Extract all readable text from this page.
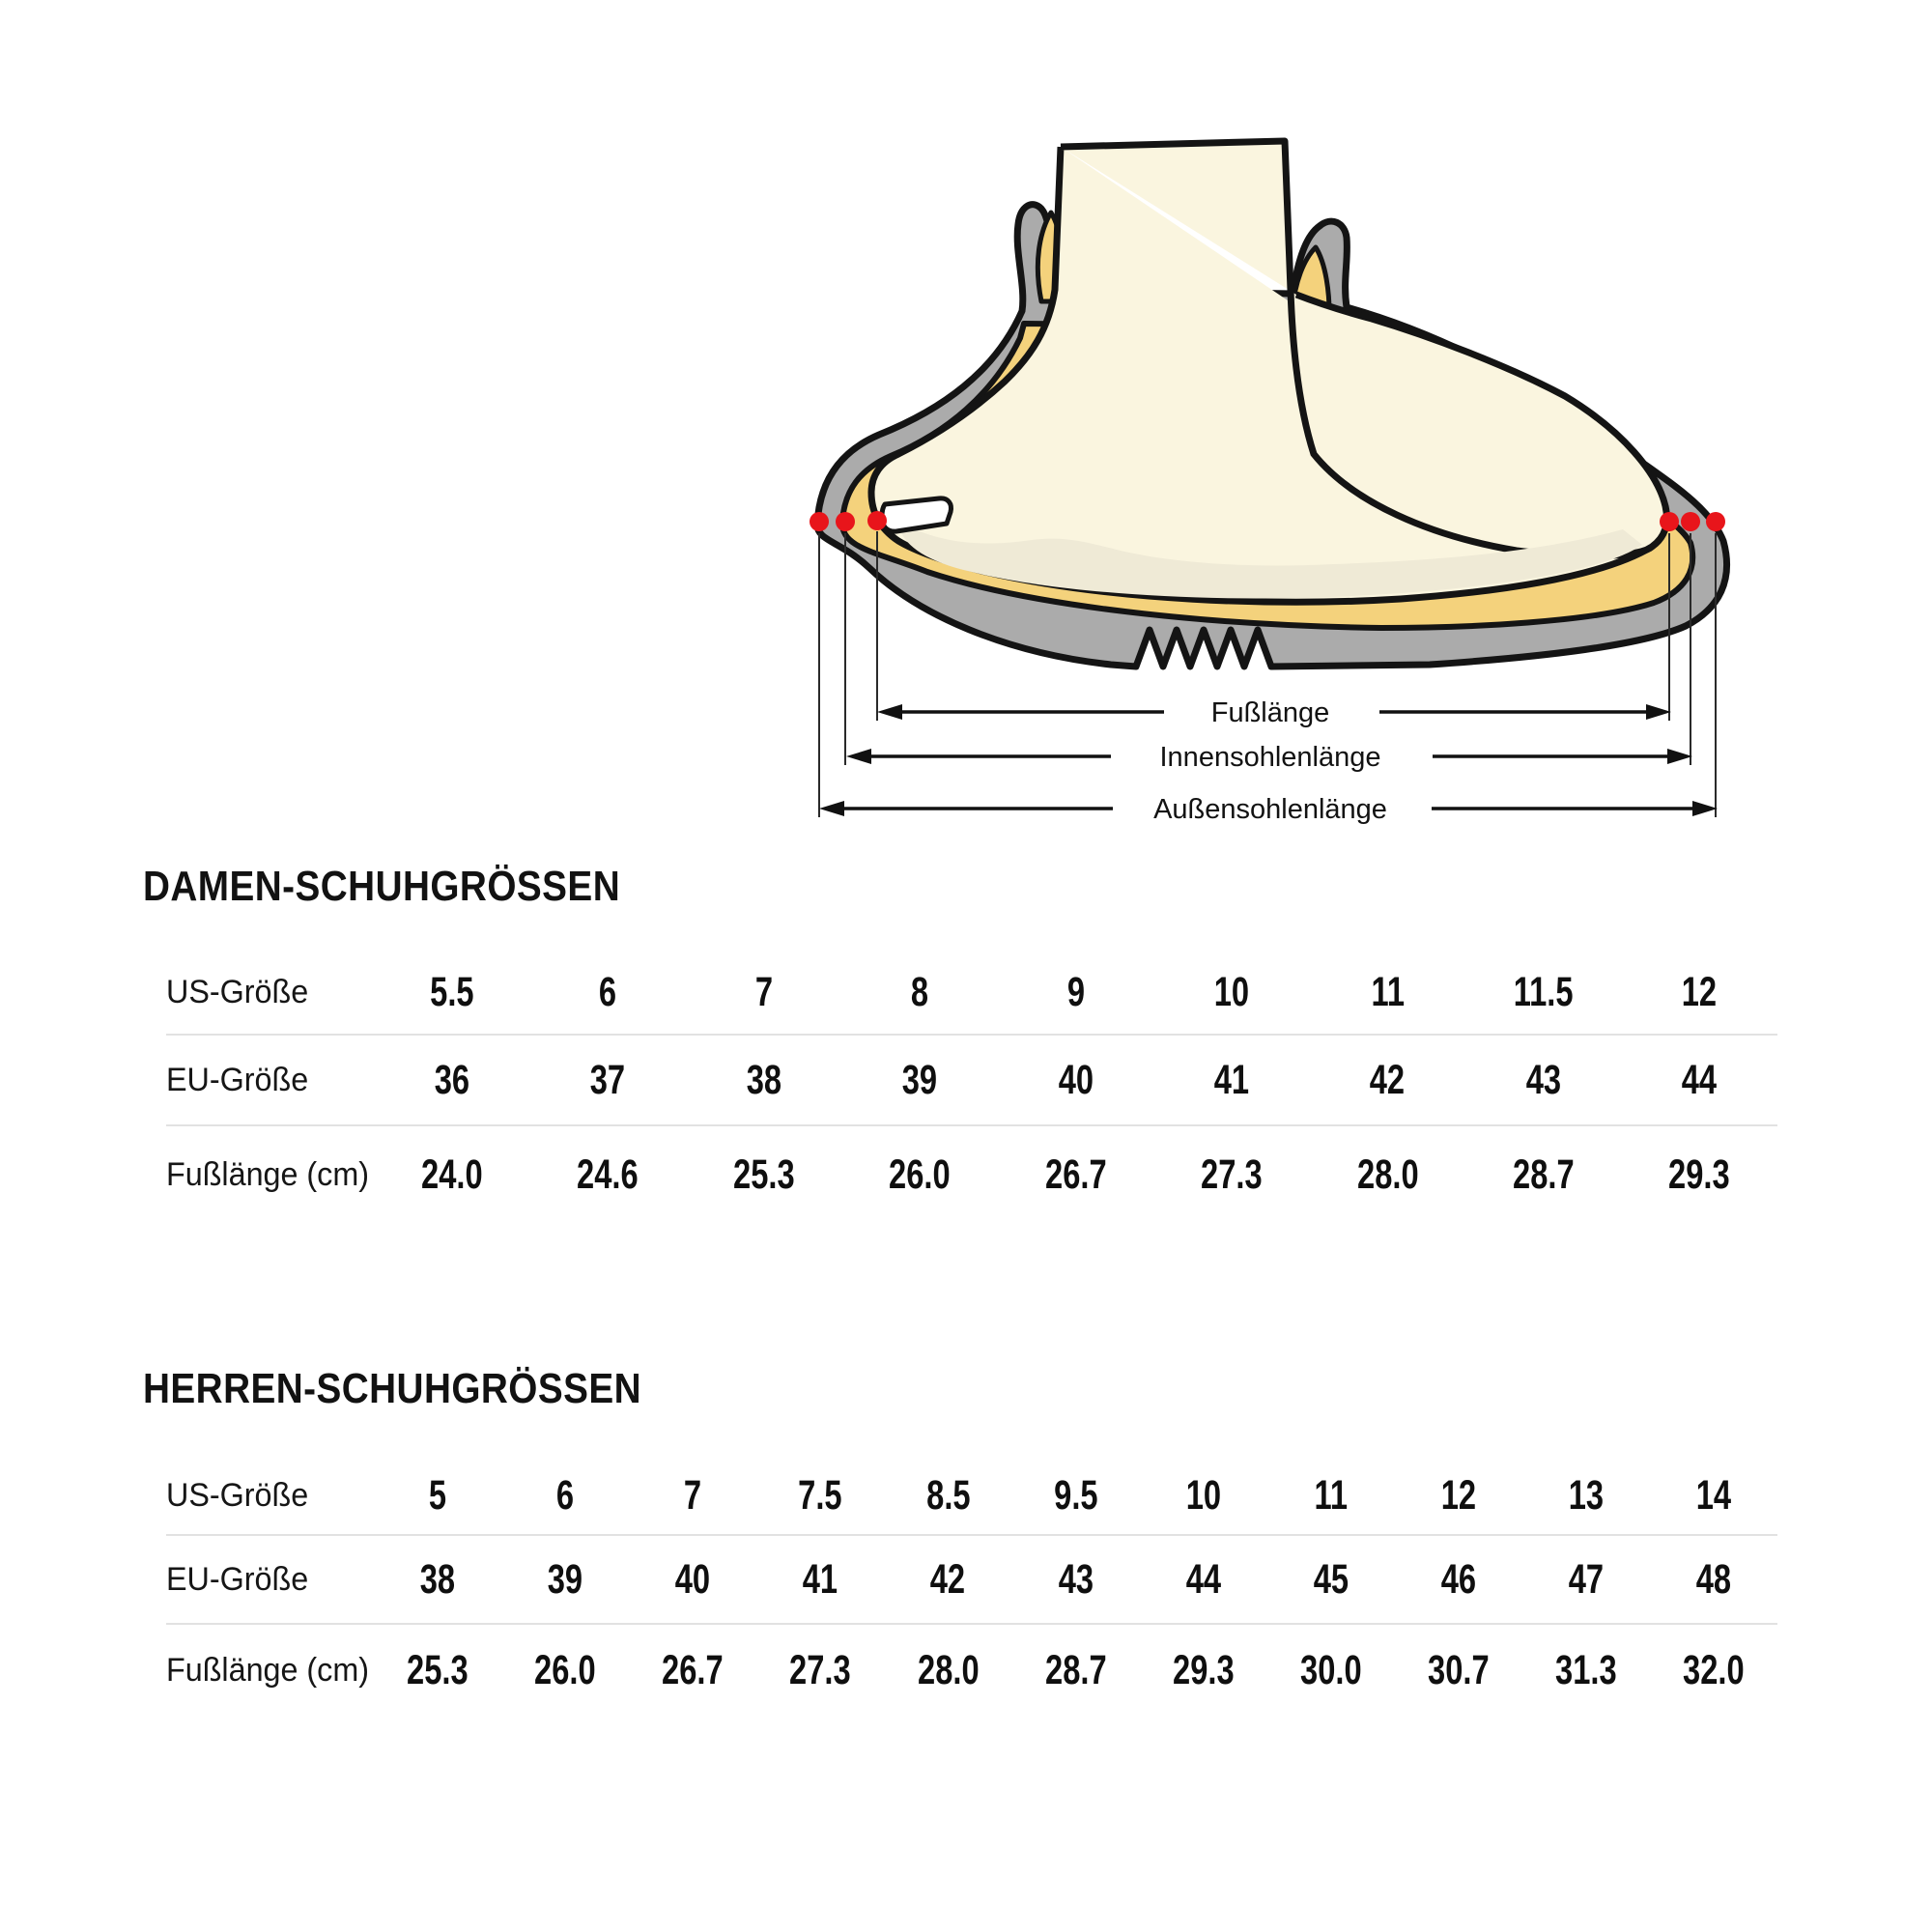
Fußlänge
Innensohlenlänge
Außensohlenlänge
DAMEN-SCHUHGRÖSSEN
US-Größe	5.5	6	7	8	9	10	11	11.5	12
EU-Größe	36	37	38	39	40	41	42	43	44
Fußlänge (cm) 24.0 24.6 25.3 26.0 26.7 27.3 28.0 28.7 29.3
HERREN-SCHUHGRÖSSEN
US-Größe	5	6	7 7.5 8.5 9.5 10 11 12 13 14
EU-Größe	38 39 40 41 42 43 44 45 46 47 48
Fußlänge (cm) 25.3 26.0 26.7 27.3 28.0 28.7 29.3 30.0 30.7 31.3 32.0
